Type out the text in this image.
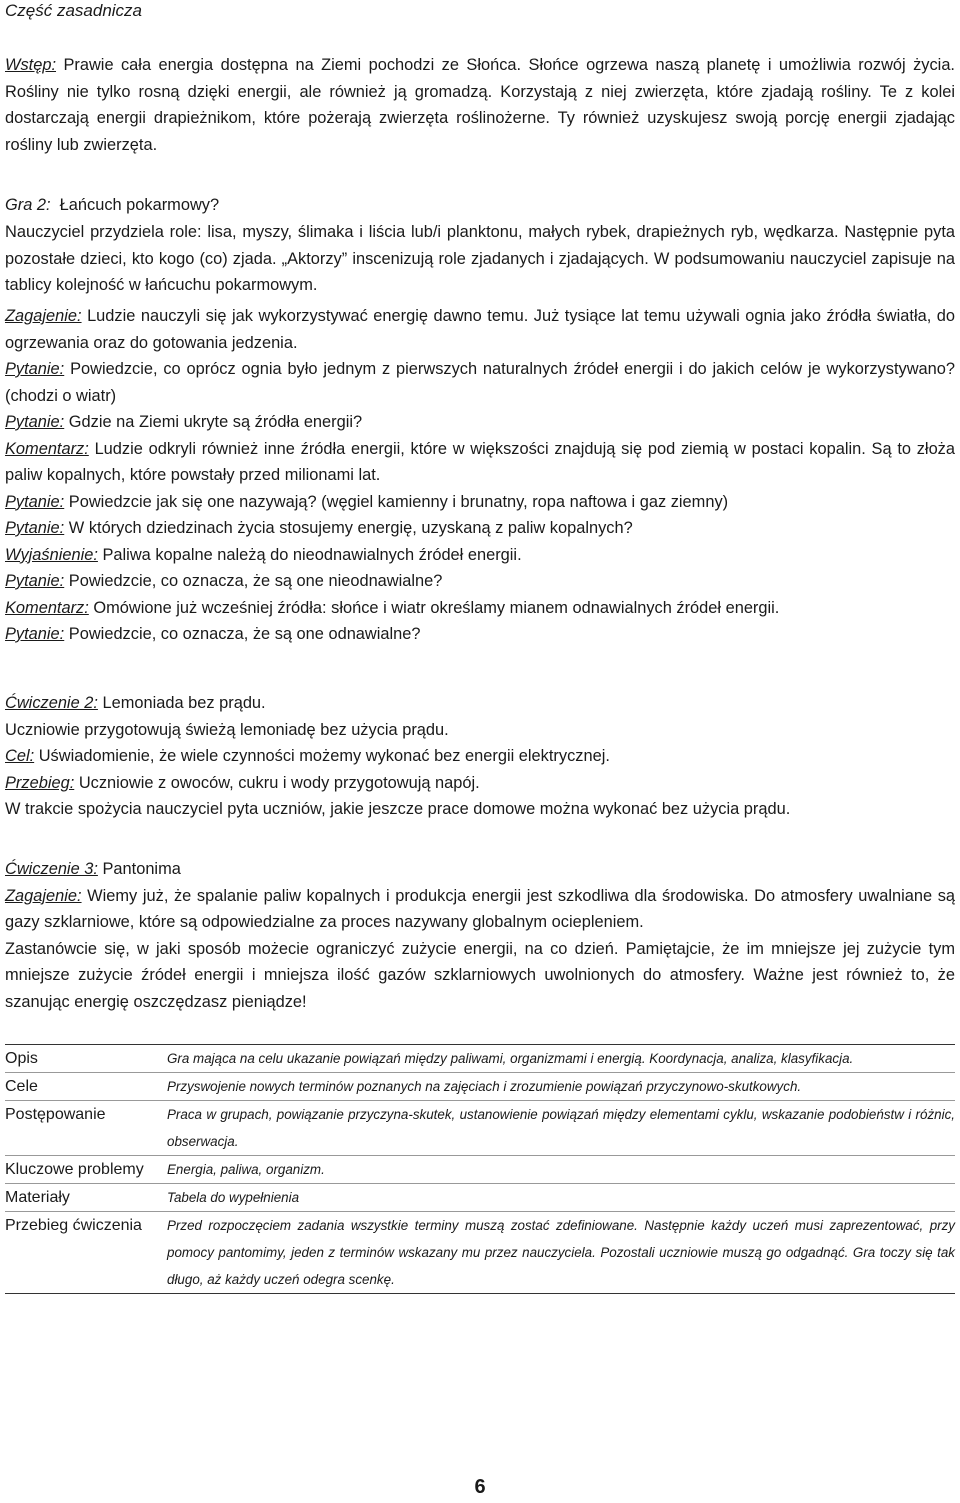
Część zasadnicza
Wstęp: Prawie cała energia dostępna na Ziemi pochodzi ze Słońca. Słońce ogrzewa naszą planetę i umożliwia rozwój życia. Rośliny nie tylko rosną dzięki energii, ale również ją gromadzą. Korzystają z niej zwierzęta, które zjadają rośliny. Te z kolei dostarczają energii drapieżnikom, które pożerają zwierzęta roślinożerne. Ty również uzyskujesz swoją porcję energii zjadając rośliny lub zwierzęta.
Gra 2: Łańcuch pokarmowy?
Nauczyciel przydziela role: lisa, myszy, ślimaka i liścia lub/i planktonu, małych rybek, drapieżnych ryb, wędkarza. Następnie pyta pozostałe dzieci, kto kogo (co) zjada. „Aktorzy” inscenizują role zjadanych i zjadających. W podsumowaniu nauczyciel zapisuje na tablicy kolejność w łańcuchu pokarmowym.
Zagajenie: Ludzie nauczyli się jak wykorzystywać energię dawno temu. Już tysiące lat temu używali ognia jako źródła światła, do ogrzewania oraz do gotowania jedzenia.
Pytanie: Powiedzcie, co oprócz ognia było jednym z pierwszych naturalnych źródeł energii i do jakich celów je wykorzystywano? (chodzi o wiatr)
Pytanie: Gdzie na Ziemi ukryte są źródła energii?
Komentarz: Ludzie odkryli również inne źródła energii, które w większości znajdują się pod ziemią w postaci kopalin. Są to złoża paliw kopalnych, które powstały przed milionami lat.
Pytanie: Powiedzcie jak się one nazywają? (węgiel kamienny i brunatny, ropa naftowa i gaz ziemny)
Pytanie: W których dziedzinach życia stosujemy energię, uzyskaną z paliw kopalnych?
Wyjaśnienie: Paliwa kopalne należą do nieodnawialnych źródeł energii.
Pytanie: Powiedzcie, co oznacza, że są one nieodnawialne?
Komentarz: Omówione już wcześniej źródła: słońce i wiatr określamy mianem odnawialnych źródeł energii.
Pytanie: Powiedzcie, co oznacza, że są one odnawialne?
Ćwiczenie 2: Lemoniada bez prądu.
Uczniowie przygotowują świeżą lemoniadę bez użycia prądu.
Cel: Uświadomienie, że wiele czynności możemy wykonać bez energii elektrycznej.
Przebieg: Uczniowie z owoców, cukru i wody przygotowują napój.
W trakcie spożycia nauczyciel pyta uczniów, jakie jeszcze prace domowe można wykonać bez użycia prądu.
Ćwiczenie 3: Pantonima
Zagajenie: Wiemy już, że spalanie paliw kopalnych i produkcja energii jest szkodliwa dla środowiska. Do atmosfery uwalniane są gazy szklarniowe, które są odpowiedzialne za proces nazywany globalnym ociepleniem.
Zastanówcie się, w jaki sposób możecie ograniczyć zużycie energii, na co dzień. Pamiętajcie, że im mniejsze jej zużycie tym mniejsze zużycie źródeł energii i mniejsza ilość gazów szklarniowych uwolnionych do atmosfery. Ważne jest również to, że szanując energię oszczędzasz pieniądze!
Opis	Gra mająca na celu ukazanie powiązań między paliwami, organizmami i energią. Koordynacja, analiza, klasyfikacja.
Cele	Przyswojenie nowych terminów poznanych na zajęciach i zrozumienie powiązań przyczynowo-skutkowych.
Postępowanie	Praca w grupach, powiązanie przyczyna-skutek, ustanowienie powiązań między elementami cyklu, wskazanie podobieństw i różnic, obserwacja.
Kluczowe problemy	Energia, paliwa, organizm.
Materiały	Tabela do wypełnienia
Przebieg ćwiczenia	Przed rozpoczęciem zadania wszystkie terminy muszą zostać zdefiniowane. Następnie każdy uczeń musi zaprezentować, przy pomocy pantomimy, jeden z terminów wskazany mu przez nauczyciela. Pozostali uczniowie muszą go odgadnąć. Gra toczy się tak długo, aż każdy uczeń odegra scenkę.
6
